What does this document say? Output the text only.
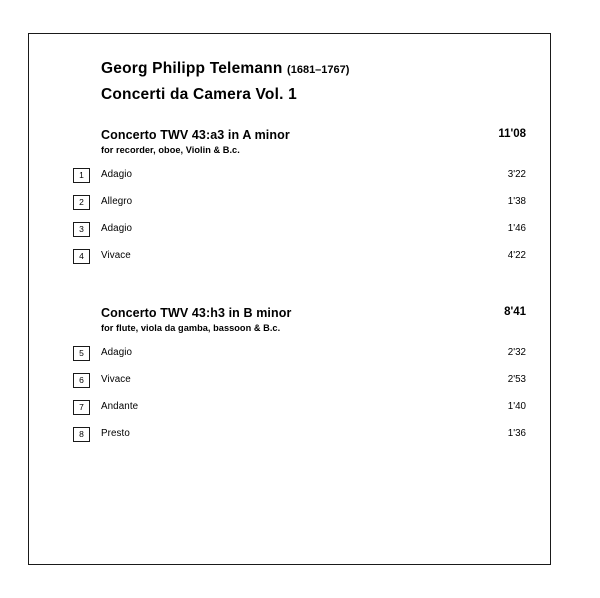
Georg Philipp Telemann (1681–1767)
Concerti da Camera Vol. 1
Concerto TWV 43:a3 in A minor
for recorder, oboe, Violin & B.c.
11'08
1	Adagio	3'22
2	Allegro	1'38
3	Adagio	1'46
4	Vivace	4'22
Concerto TWV 43:h3 in B minor
for flute, viola da gamba, bassoon & B.c.
8'41
5	Adagio	2'32
6	Vivace	2'53
7	Andante	1'40
8	Presto	1'36
